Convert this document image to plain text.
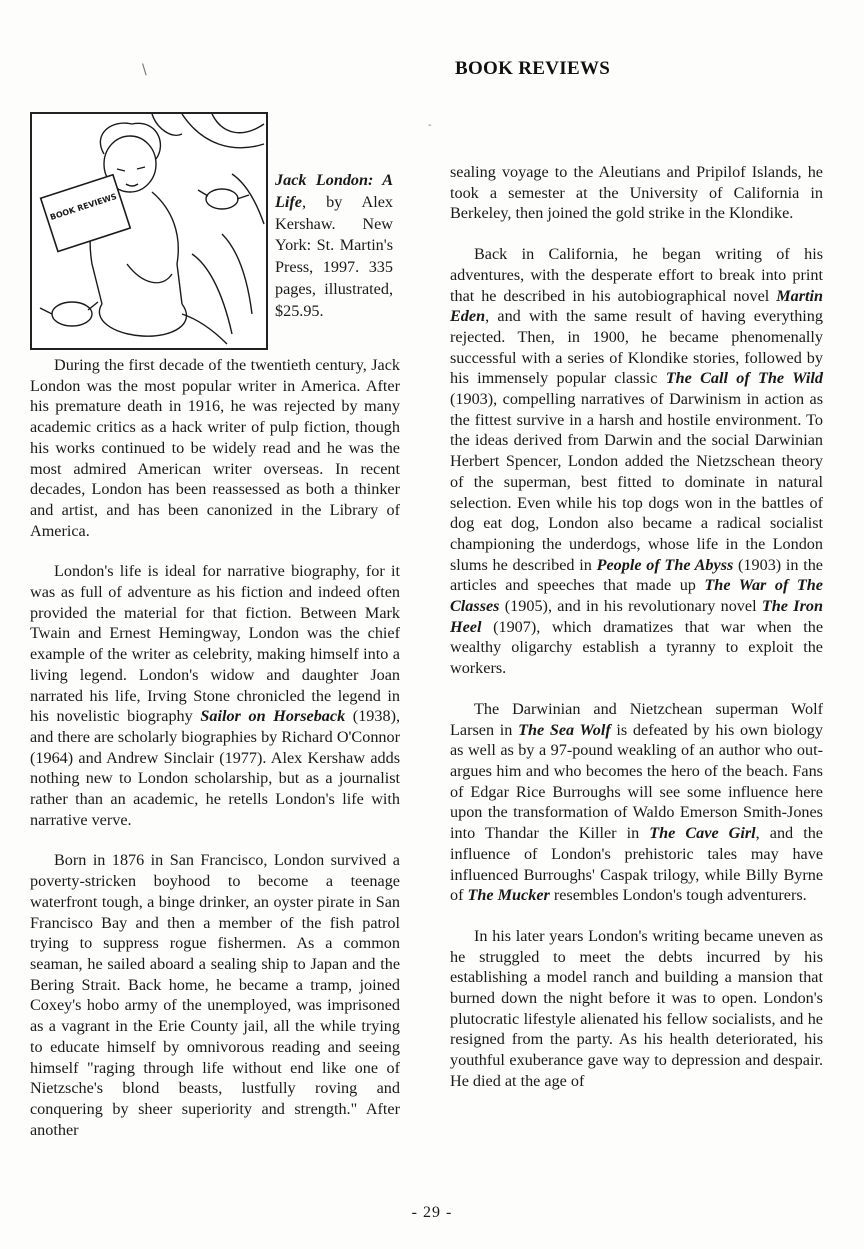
\
-
BOOK REVIEWS
BOOK REVIEWS
Jack London: A Life, by Alex Kershaw. New York: St. Martin's Press, 1997. 335 pages, illustrated, $25.95.

During the first decade of the twentieth century, Jack London was the most popular writer in America. After his premature death in 1916, he was rejected by many academic critics as a hack writer of pulp fiction, though his works continued to be widely read and he was the most admired American writer overseas. In recent decades, London has been reassessed as both a thinker and artist, and has been canonized in the Library of America.

London's life is ideal for narrative biography, for it was as full of adventure as his fiction and indeed often provided the material for that fiction. Between Mark Twain and Ernest Hemingway, London was the chief example of the writer as celebrity, making himself into a living legend. London's widow and daughter Joan narrated his life, Irving Stone chronicled the legend in his novelistic biography Sailor on Horseback (1938), and there are scholarly biographies by Richard O'Connor (1964) and Andrew Sinclair (1977). Alex Kershaw adds nothing new to London scholarship, but as a journalist rather than an academic, he retells London's life with narrative verve.

Born in 1876 in San Francisco, London survived a poverty-stricken boyhood to become a teenage waterfront tough, a binge drinker, an oyster pirate in San Francisco Bay and then a member of the fish patrol trying to suppress rogue fishermen. As a common seaman, he sailed aboard a sealing ship to Japan and the Bering Strait. Back home, he became a tramp, joined Coxey's hobo army of the unemployed, was imprisoned as a vagrant in the Erie County jail, all the while trying to educate himself by omnivorous reading and seeing himself "raging through life without end like one of Nietzsche's blond beasts, lustfully roving and conquering by sheer superiority and strength." After another

sealing voyage to the Aleutians and Pripilof Islands, he took a semester at the University of California in Berkeley, then joined the gold strike in the Klondike.

Back in California, he began writing of his adventures, with the desperate effort to break into print that he described in his autobiographical novel Martin Eden, and with the same result of having everything rejected. Then, in 1900, he became phenomenally successful with a series of Klondike stories, followed by his immensely popular classic The Call of The Wild (1903), compelling narratives of Darwinism in action as the fittest survive in a harsh and hostile environment. To the ideas derived from Darwin and the social Darwinian Herbert Spencer, London added the Nietzschean theory of the superman, best fitted to dominate in natural selection. Even while his top dogs won in the battles of dog eat dog, London also became a radical socialist championing the underdogs, whose life in the London slums he described in People of The Abyss (1903) in the articles and speeches that made up The War of The Classes (1905), and in his revolutionary novel The Iron Heel (1907), which dramatizes that war when the wealthy oligarchy establish a tyranny to exploit the workers.

The Darwinian and Nietzchean superman Wolf Larsen in The Sea Wolf is defeated by his own biology as well as by a 97-pound weakling of an author who out-argues him and who becomes the hero of the beach. Fans of Edgar Rice Burroughs will see some influence here upon the transformation of Waldo Emerson Smith-Jones into Thandar the Killer in The Cave Girl, and the influence of London's prehistoric tales may have influenced Burroughs' Caspak trilogy, while Billy Byrne of The Mucker resembles London's tough adventurers.

In his later years London's writing became uneven as he struggled to meet the debts incurred by his establishing a model ranch and building a mansion that burned down the night before it was to open. London's plutocratic lifestyle alienated his fellow socialists, and he resigned from the party. As his health deteriorated, his youthful exuberance gave way to depression and despair. He died at the age of

- 29 -
